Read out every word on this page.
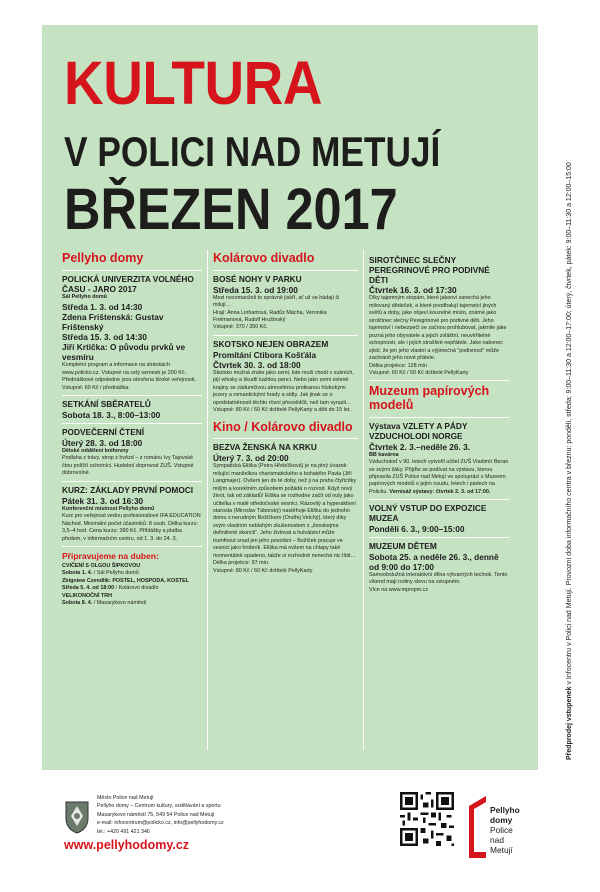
KULTURA
V POLICI NAD METUJÍ
BŘEZEN 2017
Pellyho domy
POLICKÁ UNIVERZITA VOLNÉHO ČASU - JARO 2017
Sál Pellyho domů
Středa 1. 3. od 14:30
Zdena Frištenská: Gustav Frištenský
Středa 15. 3. od 14:30
Jiří Krtička: O původu prvků ve vesmíru
Kompletní program a informace na stránkách www.policko.cz. Vstupné na celý semestr je 200 Kč. Přednáškové odpoledne jsou otevřena široké veřejnosti.
Vstupné: 60 Kč / přednáška.
SETKÁNÍ SBĚRATELŮ
Sobota 18. 3., 8:00–13:00
PODVEČERNÍ ČTENÍ
Úterý 28. 3. od 18:00
Dětské oddělení knihovny
Podlaha z trávy, strop z hvězd – z románu Ivy Tajovské čtou políčtí ochotníci. Hudební doprovod ZUŠ. Vstupné dobrovolné.
KURZ: ZÁKLADY PRVNÍ POMOCI
Pátek 31. 3. od 16:30
Konferenční místnost Pellyho domů
Kurz pro veřejnost vedou profesionálové IFA EDUCATION Náchod. Minimální počet účastníků: 8 osob. Délka kurzu: 3,5–4 hod. Cena kurzu: 390 Kč. Přihlášky a platba předem, v informačním centru, od 1. 3. do 24. 3.
Připravujeme na duben:
CVIČENÍ S OLGOU ŠIPKOVOU
Sobota 1. 4. / Sál Pellyho domů
Zbigniew Czendlik: POSTEL, HOSPODA, KOSTEL
Středa 5. 4. od 18:00 / Kolárovo divadlo
VELIKONOČNÍ TRH
Sobota 8. 4. / Masarykovo náměstí
Kolárovo divadlo
BOSÉ NOHY V PARKU
Středa 15. 3. od 19:00
Mezi novomanželi to správně jiskří, ať už se hádají či milují…
Hrají: Anna Linhartová, Radůz Mácha, Veronika Freimanová, Rudolf Hrušínský
Vstupné: 370 / 350 Kč.
SKOTSKO NEJEN OBRAZEM
Promítání Ctibora Košťála
Čtvrtek 30. 3. od 18:00
Skotsko možná znáte jako zemi, kde muži chodí v sukních, pijí whisky a škudlí každou penci. Nebo jako zemi zelené krajiny se zádumčivou atmosférou protkanou hlubokými jezery a romantickými hrady a sídly. Jak jinak se o opodstatněnosti těchto rčení přesvědčit, než tam vyrazit…
Vstupné: 80 Kč / 60 Kč držitelé PellyKarty a děti do 15 let.
Kino / Kolárovo divadlo
BEZVA ŽENSKÁ NA KRKU
Úterý 7. 3. od 20:00
Sympatická Eliška (Petra Hřebíčková) je na plný úvazek milující manželkou charismatického a bohatého Pavla (Jiří Langmajer). Ovšem jen do té doby, než ji na prahu čtyřicítky milým a korektním způsobem požádá o rozvod. Když nový život, tak od základů! Eliška se rozhodne začít od nuly jako učitelka v malé středočeské vesnici. Rázovitý a hyperaktivní starosta (Miroslav Táborský) nastěhuje Elišku do jednoho domu s nerudným Božíčkem (Ondřej Vetchý), který díky svým vlastním neblahým zkušenostem s „ženskejma definitivně skončil“. Jeho živlovat a hulvátství může trumfnout snad jen jeho povolání – Božíček pracuje ve vesnici jako hrobník. Eliška má ovšem na chlapy také momentálně spadeno, takže si rozhodně nenechá nic líbit…
Délka projekce: 97 min.
Vstupné: 80 Kč / 60 Kč držitelé PellyKarty
SIROTČINEC SLEČNY PEREGRINOVÉ PRO PODIVNÉ DĚTI
Čtvrtek 16. 3. od 17:30
Díky tajemným stopám, které jakeovi zanechá jeho milovaný dědeček, a které poodhalují tajemství jiných světů a doby, jake objeví kouzelné místo, známé jako sirotčinec slečny Peregrinové pro podivné děti. Jeho tajemství i nebezpečí se začnou prohlubovat, jakmile jake pozná jeho obyvatele a jejich zvláštní, neuvěřitelné schopnosti, ale i jejich strašlivé nepřátele. Jake nakonec zjistí, že jen jeho vlastní a výjimečná "podivnost" může zachránit jeho nové přátele.
Délka projekce: 128 min
Vstupné: 60 Kč / 50 Kč držitelé PellyKarty
Muzeum papírových modelů
Výstava VZLETY A PÁDY VZDUCHOLODI NORGE
Čtvrtek 2. 3.–neděle 26. 3.
BB kavárna
Vzducholoď v 90. letech vytvořil učitel ZUŠ Vladimír Beran se svými žáky. Přijďte se podívat na výstavu, kterou připravila ZUŠ Police nad Metují ve spolupráci s Muzeem papírových modelů o jejím osudu, letech i pádech na Policku. Vernisáž výstavy: čtvrtek 2. 3. od 17:00.
VOLNÝ VSTUP DO EXPOZICE MUZEA
Pondělí 6. 3., 9:00–15:00
MUZEUM DĚTEM
Sobota 25. a neděle 26. 3., denně od 9:00 do 17:00
Samoobslužná interaktivní dílna výtvarných technik. Tento víkend mají rodiny slevu na vstupném.
Více na www.mpmpm.cz
Předprodej vstupenek v Infocentru v Polici nad Metují. Provozní doba informačního centra v březnu: pondělí, středa: 9:00–11:30 a 12:00–17:00; úterý, čtvrtek, pátek: 9:00–11:30 a 12:00–15:00
Město Police nad Metují
Pellyho domy – Centrum kultury, vzdělávání a sportu
Masarykovo náměstí 75, 549 54 Police nad Metují
e-mail: infocentrum@policko.cz, info@pellyhodomy.cz
tel.: +420 491 421 346
www.pellyhodomy.cz
Pellyho
domy
Police
nad
Metují
